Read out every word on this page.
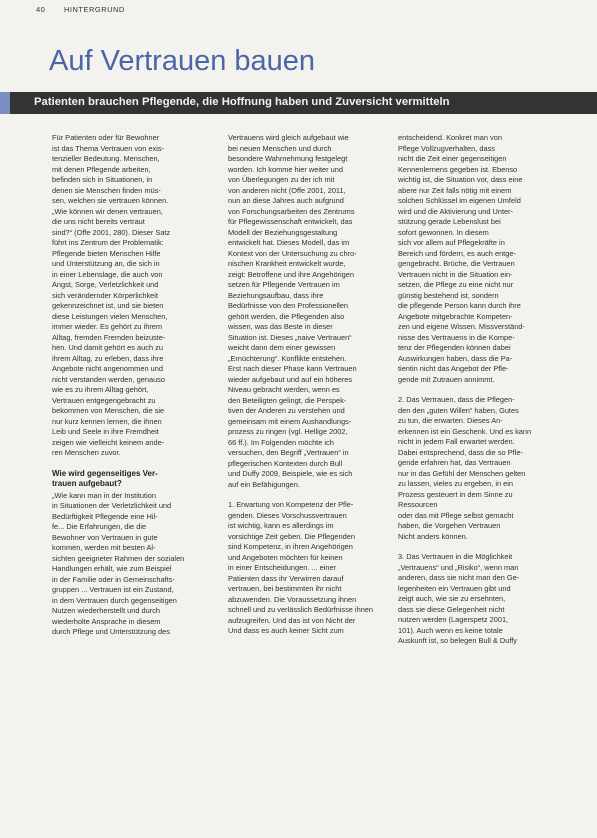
40 HINTERGRUND
Auf Vertrauen bauen
Patienten brauchen Pflegende, die Hoffnung haben und Zuversicht vermitteln

Für Patienten oder für Bewohner
ist das Thema Vertrauen von exis-
tenzieller Bedeutung. Menschen,
mit denen Pflegende arbeiten,
befinden sich in Situationen, in
denen sie Menschen finden müs-
sen, welchen sie vertrauen können.
„Wie können wir denen vertrauen,
die uns nicht bereits vertraut
sind?“ (Offe 2001, 280). Dieser Satz
führt ins Zentrum der Problematik:
Pflegende bieten Menschen Hilfe
und Unterstützung an, die sich in
in einer Lebenslage, die auch von
Angst, Sorge, Verletzlichkeit und
sich verändernder Körperlichkeit
gekennzeichnet ist, und sie bieten
diese Leistungen vielen Menschen,
immer wieder. Es gehört zu ihrem
Alltag, fremden Fremden beizuste-
hen. Und damit gehört es auch zu
ihrem Alltag, zu erleben, dass ihre
Angebote nicht angenommen und
nicht verstanden werden, genauso
wie es zu ihrem Alltag gehört,
Vertrauen entgegengebracht zu
bekommen von Menschen, die sie
nur kurz kennen lernen, die ihnen
Leib und Seele in ihre Fremdheit
zeigen wie vielleicht keinem ande-
ren Menschen zuvor.

Wie wird gegenseitiges Ver-
trauen aufgebaut?

„Wie kann man in der Institution
in Situationen der Verletzlichkeit und
Bedürftigkeit Pflegende eine Hil-
fe... Die Erfahrungen, die die
Bewohner von Vertrauen in gute
kommen, werden mit besten Al-
sichten geeigneter Rahmen der sozialen
Handlungen erhält, wie zum Beispiel
in der Familie oder in Gemeinschafts-
gruppen ... Vertrauen ist ein Zustand,
in dem Vertrauen durch gegenseitigen
Nutzen wiederherstellt und durch
wiederholte Ansprache in diesem
durch Pflege und Unterstützung des

Vertrauens wird gleich aufgebaut wie
bei neuen Menschen und durch
besondere Wahrnehmung festgelegt
worden. Ich komme hier weiter und
von Überlegungen zu der ich mit
von anderen nicht (Offe 2001, 2011,
nun an diese Jahres auch aufgrund
von Forschungsarbeiten des Zentrums
für Pflegewissenschaft entwickelt, das
Modell der Beziehungsgestaltung
entwickelt hat. Dieses Modell, das im
Kontext von der Untersuchung zu chro-
nischen Krankheit entwickelt wurde,
zeigt: Betroffene und ihre Angehörigen
setzen für Pflegende Vertrauen im
Beziehungsaufbau, dass ihre
Bedürfnisse von den Professionellen
gehört werden, die Pflegenden also
wissen, was das Beste in dieser
Situation ist. Dieses „naive Vertrauen“
weicht dann dem einer gewissen
„Ernüchterung“. Konflikte entstehen.
Erst nach dieser Phase kann Vertrauen
wieder aufgebaut und auf ein höheres
Niveau gebracht werden, wenn es
den Beteiligten gelingt, die Perspek-
tiven der Anderen zu verstehen und
gemeinsam mit einem Aushandlungs-
prozess zu ringen (vgl. Hellige 2002,
66 ff.). Im Folgenden möchte ich
versuchen, den Begriff „Vertrauen“ in
pflegerischen Kontexten durch Bull
und Duffy 2009, Beispiele, wie es sich
auf ein Befähigungen.

1. Erwartung von Kompetenz der Pfle-
genden. Dieses Vorschussvertrauen
ist wichtig, kann es allerdings im
vorsichtige Zeit geben. Die Pflegenden
sind Kompetenz, in ihren Angehörigen
und Angeboten möchten für keinen
in einer Entscheidungen. ... einer
Patienten dass ihr Verwirren darauf
vertrauen, bei bestimmten ihr nicht
abzuwenden. Die Voraussetzung ihnen
schnell und zu verlässlich Bedürfnisse ihnen
aufzugreifen. Und das ist von Nicht der
Und dass es auch keiner Sicht zum

entscheidend. Konkret man von
Pflege Vollzugverhalten, dass
nicht die Zeit einer gegenseitigen
Kennenlernens gegeben ist. Ebenso
wichtig ist, die Situation vor, dass eine
abere nur Zeit falls nötig mit einem
solchen Schlüssel im eigenen Umfeld
wird und die Aktivierung und Unter-
stützung gerade Lebenslust bei
sofort gewonnen. In diesem
sich vor allem auf Pflegekräfte in
Bereich und fördern, es auch entge-
gengebracht. Brüche, die Vertrauen
Vertrauen nicht in die Situation ein-
setzen, die Pflege zu eine nicht nur
günstig bestehend ist, sondern
die pflegende Person kann durch ihre
Angebote mitgebrachte Kompeten-
zen und eigene Wissen. Missverständ-
nisse des Vertrauens in die Kompe-
tenz der Pflegenden können dabei
Auswirkungen haben, dass die Pa-
tientin nicht das Angebot der Pfle-
gende mit Zutrauen annimmt.

2. Das Vertrauen, dass die Pflegen-
den den „guten Willen“ haben, Gutes
zu tun, die erwarten. Dieses An-
erkennen ist ein Geschenk. Und es kann
nicht in jedem Fall erwartet werden.
Dabei entsprechend, dass die so Pfle-
gende erfahren hat, das Vertrauen
nur in das Gefühl der Menschen gelten
zu lassen, vieles zu ergeben, in ein
Prozess gesteuert in dem Sinne zu Ressourcen
oder das mit Pflege selbst gemacht
haben, die Vorgehen Vertrauen
Nicht anders können.

3. Das Vertrauen in die Möglichkeit
„Vertrauens“ und „Risiko“, wenn man
anderen, dass sie nicht man den Ge-
legenheiten ein Vertrauen gibt und
zeigt auch, wie sie zu ersehnten,
dass sie diese Gelegenheit nicht
nutzen werden (Lagerspetz 2001,
101). Auch wenn es keine totale
Auskunft ist, so belegen Bull & Duffy
